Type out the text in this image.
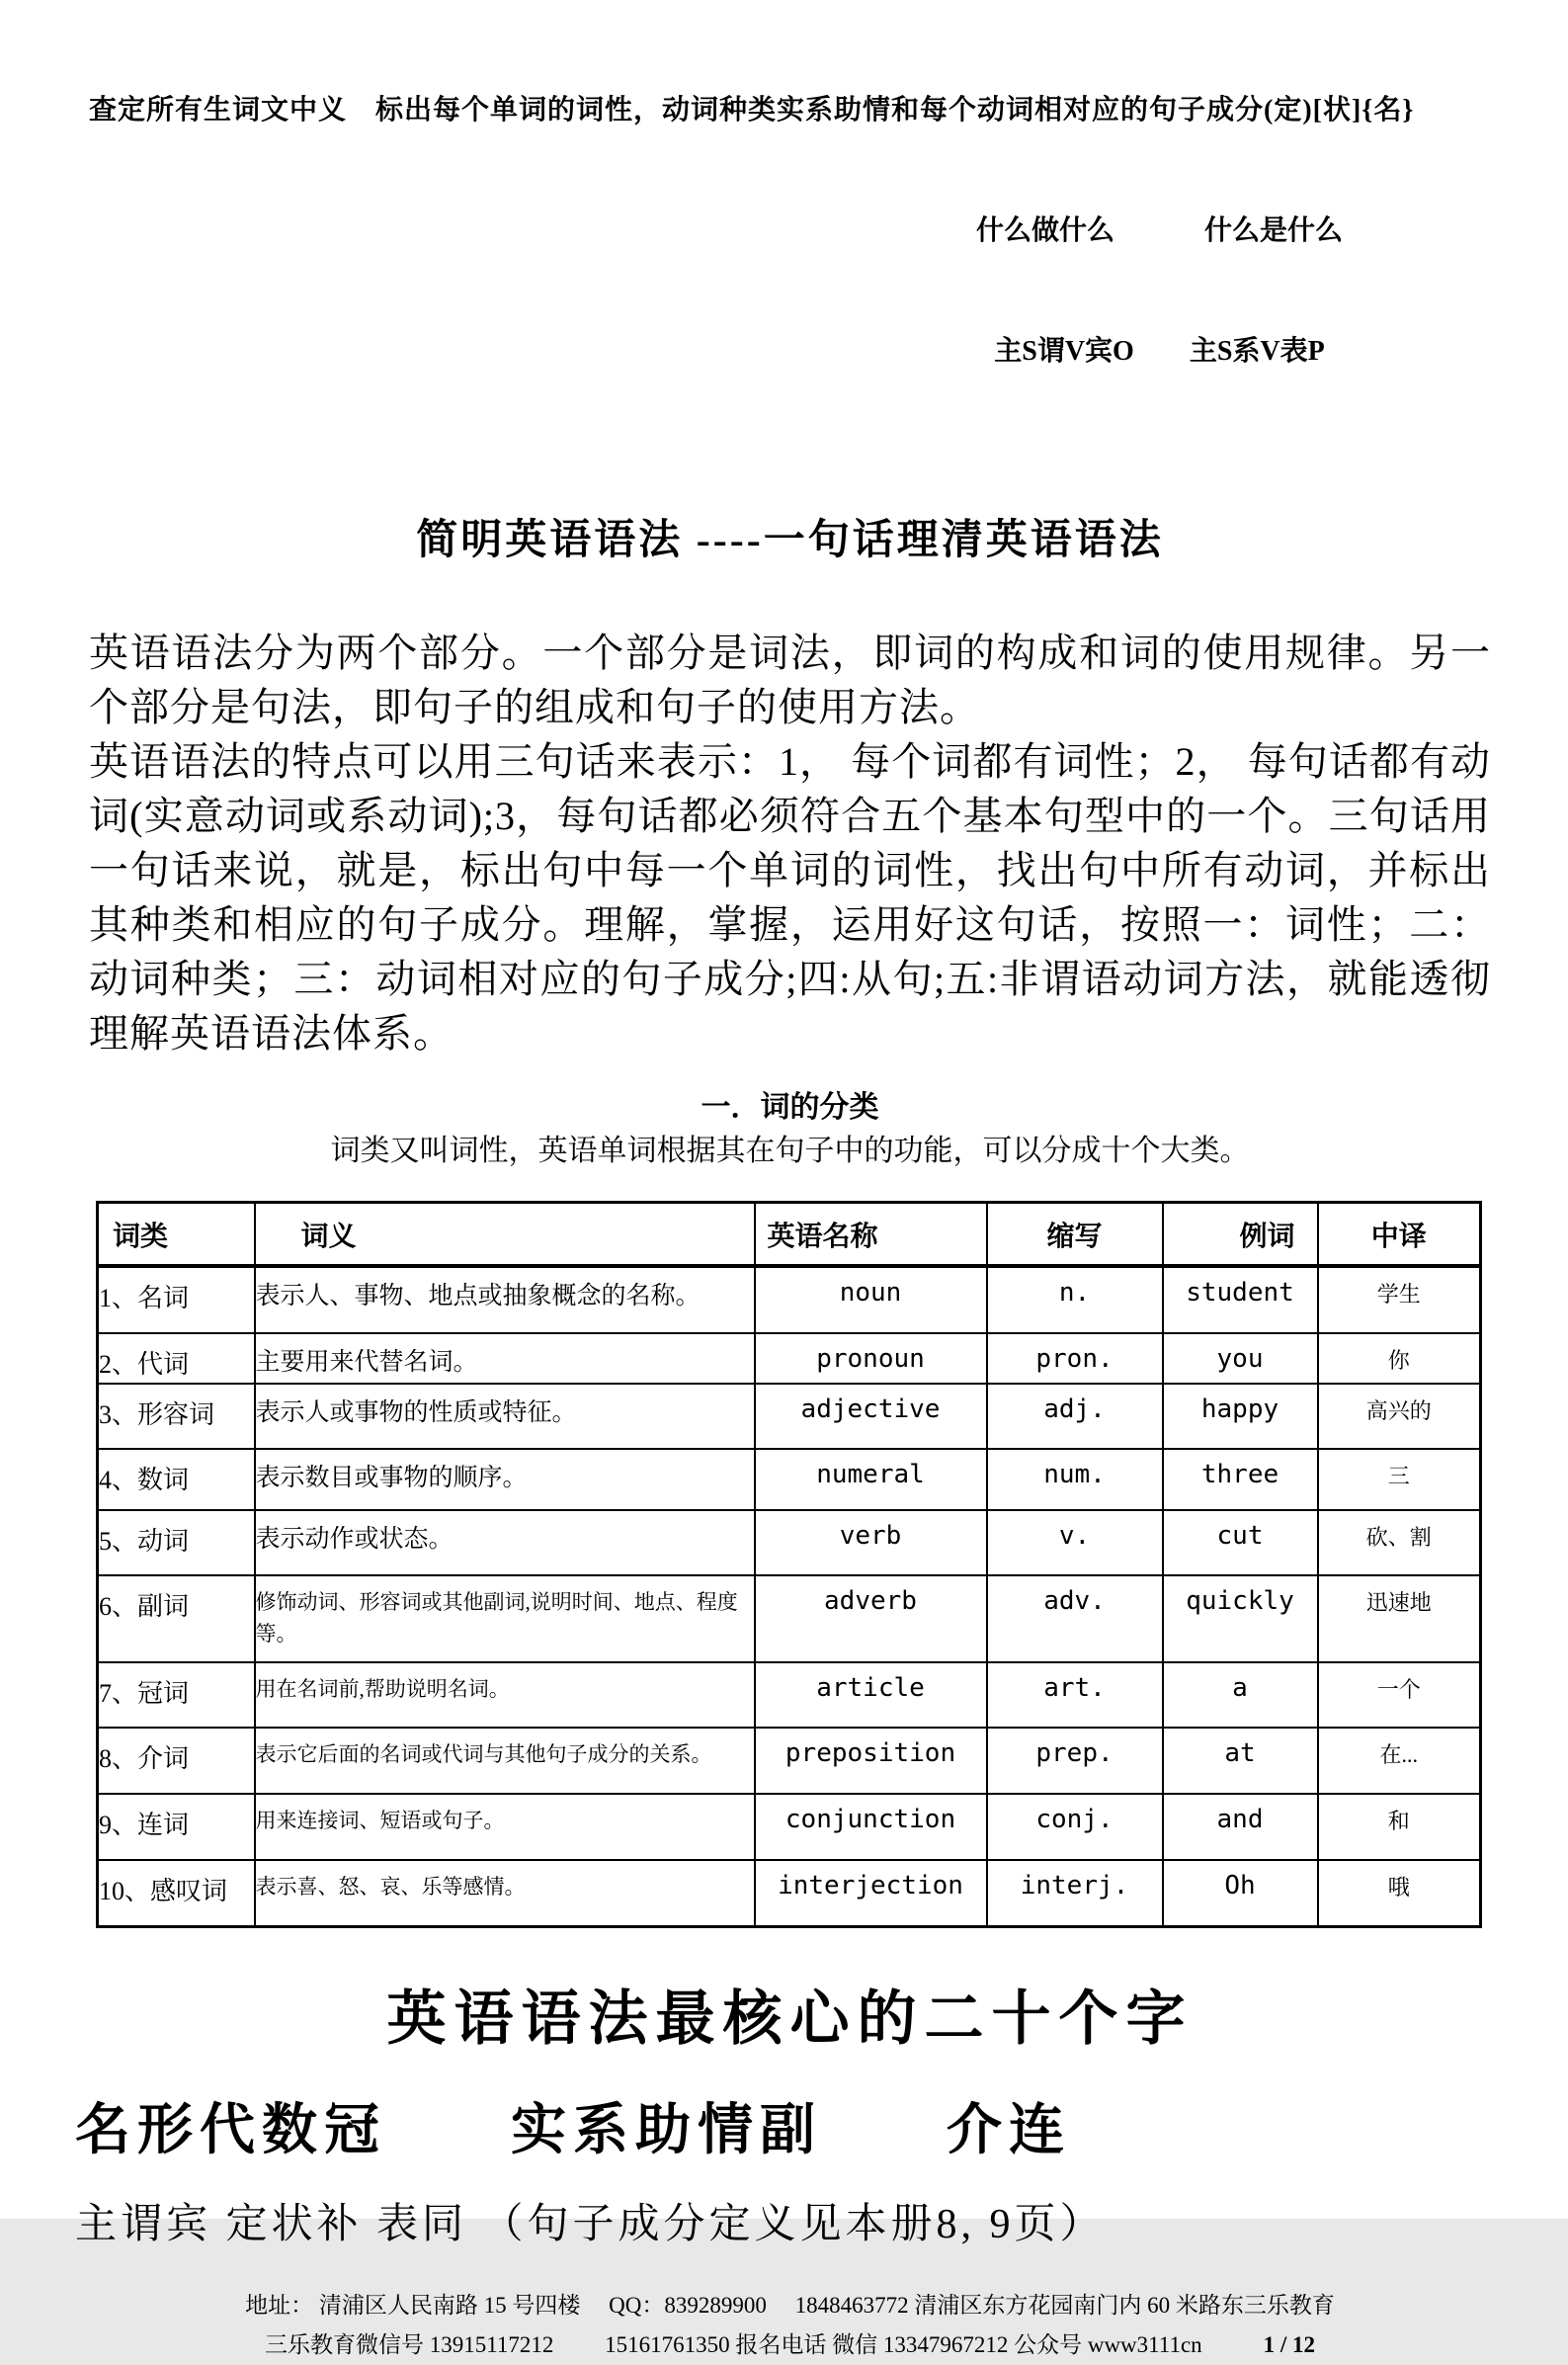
查定所有生词文中义　标出每个单词的词性，动词种类实系助情和每个动词相对应的句子成分(定)[状]{名}

什么做什么　　　 什么是什么

主S谓V宾O　　主S系V表P

简明英语语法 ----一句话理清英语语法
英语语法分为两个部分。一个部分是词法，即词的构成和词的使用规律。另一个部分是句法，即句子的组成和句子的使用方法。
英语语法的特点可以用三句话来表示：1， 每个词都有词性；2， 每句话都有动词(实意动词或系动词);3，每句话都必须符合五个基本句型中的一个。三句话用一句话来说，就是，标出句中每一个单词的词性，找出句中所有动词，并标出其种类和相应的句子成分。理解，掌握，运用好这句话，按照一：词性；二：动词种类；三：动词相对应的句子成分;四:从句;五:非谓语动词方法，就能透彻理解英语语法体系。
一．词的分类
词类又叫词性，英语单词根据其在句子中的功能，可以分成十个大类。
词类	词义	英语名称	缩写	例词	中译
1、名词	表示人、事物、地点或抽象概念的名称。	noun	n.	student	学生
2、代词	主要用来代替名词。	pronoun	pron.	you	你
3、形容词	表示人或事物的性质或特征。	adjective	adj.	happy	高兴的
4、数词	表示数目或事物的顺序。	numeral	num.	three	三
5、动词	表示动作或状态。	verb	v.	cut	砍、割
6、副词	修饰动词、形容词或其他副词,说明时间、地点、程度等。	adverb	adv.	quickly	迅速地
7、冠词	用在名词前,帮助说明名词。	article	art.	a	一个
8、介词	表示它后面的名词或代词与其他句子成分的关系。	preposition	prep.	at	在...
9、连词	用来连接词、短语或句子。	conjunction	conj.	and	和
10、感叹词	表示喜、怒、哀、乐等感情。	interjection	interj.	Oh	哦
英语语法最核心的二十个字
名形代数冠　　实系助情副　　介连
主谓宾 定状补 表同 （句子成分定义见本册8, 9页）
地址： 清浦区人民南路 15 号四楼　 QQ：839289900　 1848463772 清浦区东方花园南门内 60 米路东三乐教育
三乐教育微信号 13915117212　　 15161761350 报名电话 微信 13347967212 公众号 www3111cn	1 / 12
